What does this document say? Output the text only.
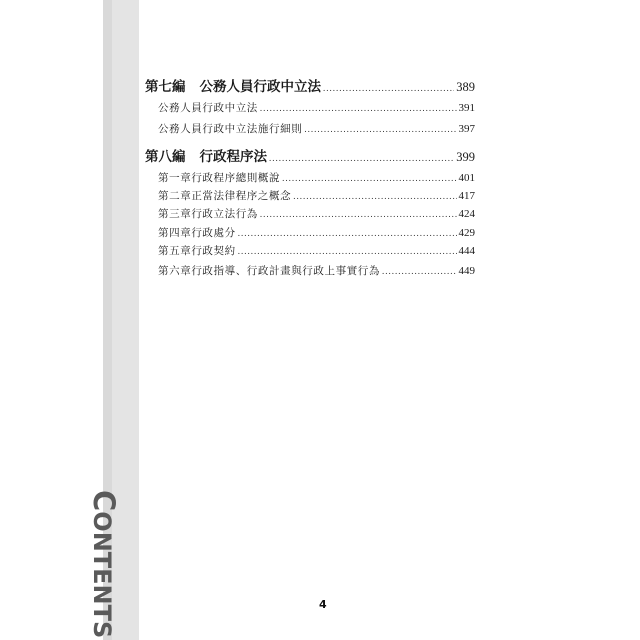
CONTENTS
第七編 公務人員行政中立法 .....	389
公務人員行政中立法 .....	391
公務人員行政中立法施行細則 .....	397
第八編 行政程序法 .....	399
第一章 行政程序總則概說 .....	401
第二章 正當法律程序之概念 .....	417
第三章 行政立法行為 .....	424
第四章 行政處分 .....	429
第五章 行政契約 .....	444
第六章 行政指導、行政計畫與行政上事實行為 .....	449
4
